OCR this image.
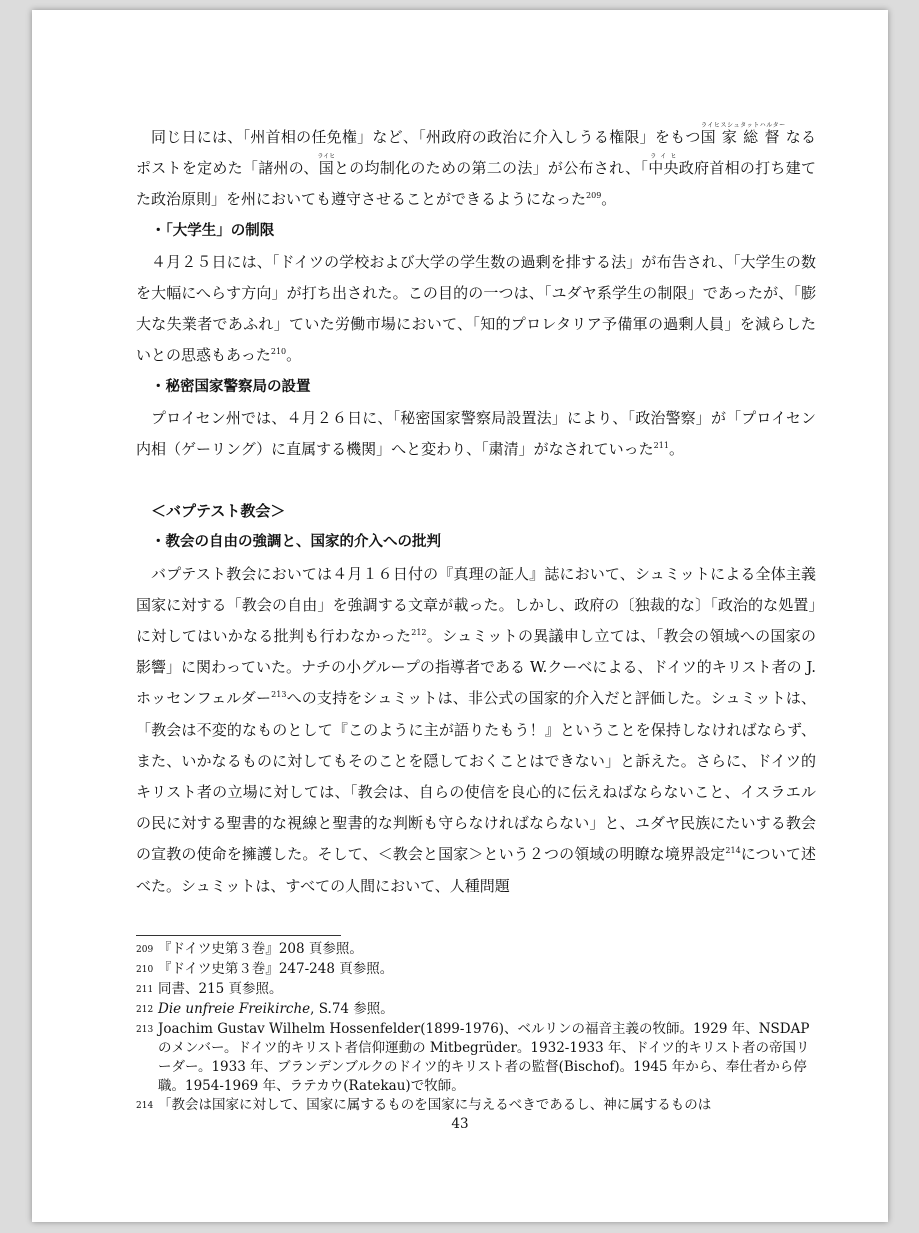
同じ日には、「州首相の任免権」など、「州政府の政治に介入しうる権限」をもつ国家総督ライヒスシュタットハルターなるポストを定めた「諸州の、国ライヒとの均制化のための第二の法」が公布され、「中央ライヒ政府首相の打ち建てた政治原則」を州においても遵守させることができるようになった$^{209}$。

・「大学生」の制限

４月２５日には、「ドイツの学校および大学の学生数の過剰を排する法」が布告され、「大学生の数を大幅にへらす方向」が打ち出された。この目的の一つは、「ユダヤ系学生の制限」であったが、「膨大な失業者であふれ」ていた労働市場において、「知的プロレタリア予備軍の過剰人員」を減らしたいとの思惑もあった$^{210}$。

・秘密国家警察局の設置

プロイセン州では、４月２６日に、「秘密国家警察局設置法」により、「政治警察」が「プロイセン内相（ゲーリング）に直属する機関」へと変わり、「粛清」がなされていった$^{211}$。

＜バプテスト教会＞

・教会の自由の強調と、国家的介入への批判

バプテスト教会においては４月１６日付の『真理の証人』誌において、シュミットによる全体主義国家に対する「教会の自由」を強調する文章が載った。しかし、政府の〔独裁的な〕「政治的な処置」に対してはいかなる批判も行わなかった$^{212}$。シュミットの異議申し立ては、「教会の領域への国家の影響」に関わっていた。ナチの小グループの指導者である W.クーベによる、ドイツ的キリスト者の J.ホッセンフェルダー$^{213}$への支持をシュミットは、非公式の国家的介入だと評価した。シュミットは、「教会は不変的なものとして『このように主が語りたもう！』ということを保持しなければならず、また、いかなるものに対してもそのことを隠しておくことはできない」と訴えた。さらに、ドイツ的キリスト者の立場に対しては、「教会は、自らの使信を良心的に伝えねばならないこと、イスラエルの民に対する聖書的な視線と聖書的な判断も守らなければならない」と、ユダヤ民族にたいする教会の宣教の使命を擁護した。そして、＜教会と国家＞という２つの領域の明瞭な境界設定$^{214}$について述べた。シュミットは、すべての人間において、人種問題

209 『ドイツ史第３巻』208 頁参照。
210 『ドイツ史第３巻』247-248 頁参照。
211 同書、215 頁参照。
212 Die unfreie Freikirche, S.74 参照。
213 Joachim Gustav Wilhelm Hossenfelder(1899-1976)、ベルリンの福音主義の牧師。1929 年、NSDAP のメンバー。ドイツ的キリスト者信仰運動の Mitbegrüder。1932-1933 年、ドイツ的キリスト者の帝国リーダー。1933 年、ブランデンブルクのドイツ的キリスト者の監督(Bischof)。1945 年から、奉仕者から停職。1954-1969 年、ラテカウ(Ratekau)で牧師。
214 「教会は国家に対して、国家に属するものを国家に与えるべきであるし、神に属するものは
43
